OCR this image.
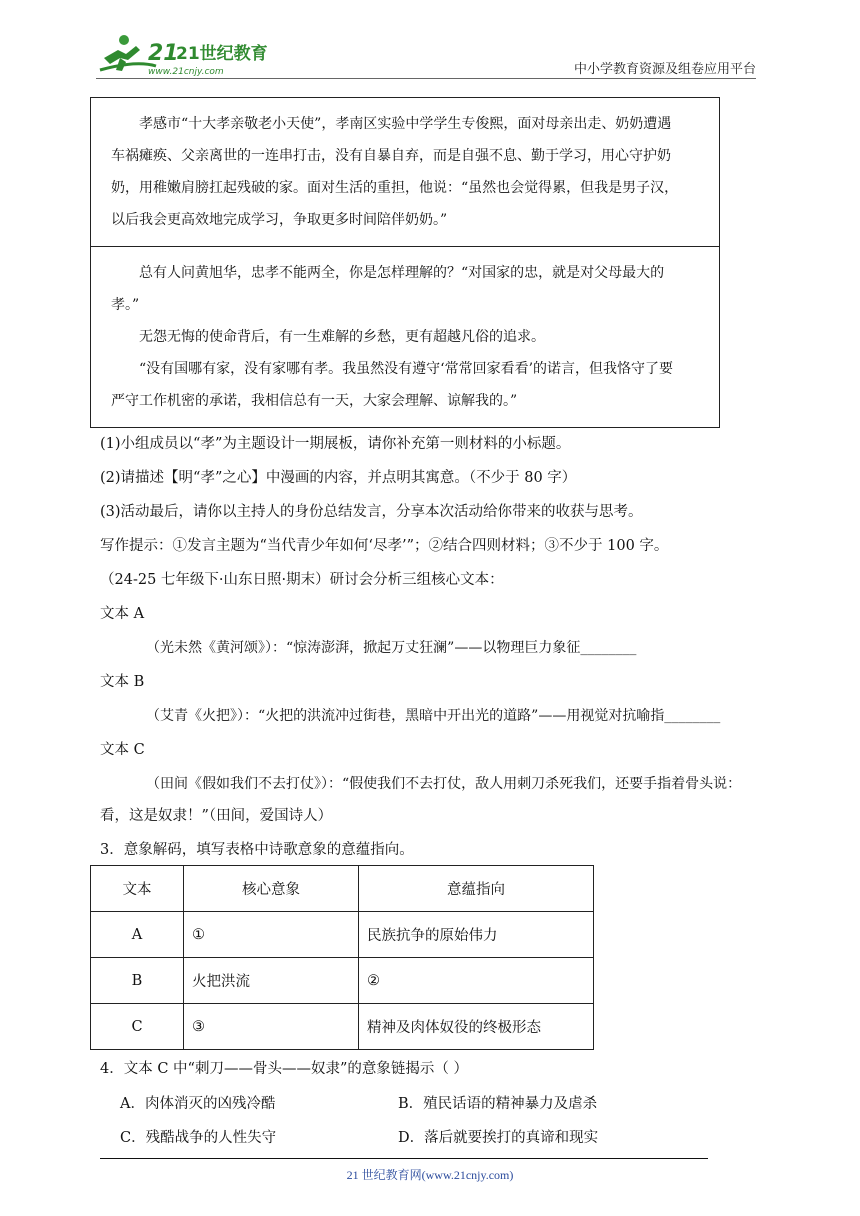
21
21世纪教育
www.21cnjy.com	中小学教育资源及组卷应用平台

孝感市“十大孝亲敬老小天使”，孝南区实验中学学生专俊熙，面对母亲出走、奶奶遭遇车祸瘫痪、父亲离世的一连串打击，没有自暴自弃，而是自强不息、勤于学习，用心守护奶奶，用稚嫩肩膀扛起残破的家。面对生活的重担，他说：“虽然也会觉得累，但我是男子汉，以后我会更高效地完成学习，争取更多时间陪伴奶奶。”

总有人问黄旭华，忠孝不能两全，你是怎样理解的？“对国家的忠，就是对父母最大的孝。”

无怨无悔的使命背后，有一生难解的乡愁，更有超越凡俗的追求。

“没有国哪有家，没有家哪有孝。我虽然没有遵守‘常常回家看看’的诺言，但我恪守了要严守工作机密的承诺，我相信总有一天，大家会理解、谅解我的。”

(1)小组成员以“孝”为主题设计一期展板，请你补充第一则材料的小标题。
(2)请描述【明“孝”之心】中漫画的内容，并点明其寓意。（不少于 80 字）
(3)活动最后，请你以主持人的身份总结发言，分享本次活动给你带来的收获与思考。
写作提示：①发言主题为“当代青少年如何‘尽孝’”；②结合四则材料；③不少于 100 字。
（24-25 七年级下·山东日照·期末）研讨会分析三组核心文本：
文本 A
（光未然《黄河颂》）：“惊涛澎湃，掀起万丈狂澜”——以物理巨力象征________
文本 B
（艾青《火把》）：“火把的洪流冲过街巷，黑暗中开出光的道路”——用视觉对抗喻指________
文本 C
（田间《假如我们不去打仗》）：“假使我们不去打仗，敌人用刺刀杀死我们，还要手指着骨头说：
看，这是奴隶！”（田间，爱国诗人）
3．意象解码，填写表格中诗歌意象的意蕴指向。
文本	核心意象	意蕴指向
A	①	民族抗争的原始伟力
B	火把洪流	②
C	③	精神及肉体奴役的终极形态
4．文本 C 中“刺刀——骨头——奴隶”的意象链揭示（ ）
A．肉体消灭的凶残冷酷	B．殖民话语的精神暴力及虐杀
C．残酷战争的人性失守	D．落后就要挨打的真谛和现实
21 世纪教育网(www.21cnjy.com)
